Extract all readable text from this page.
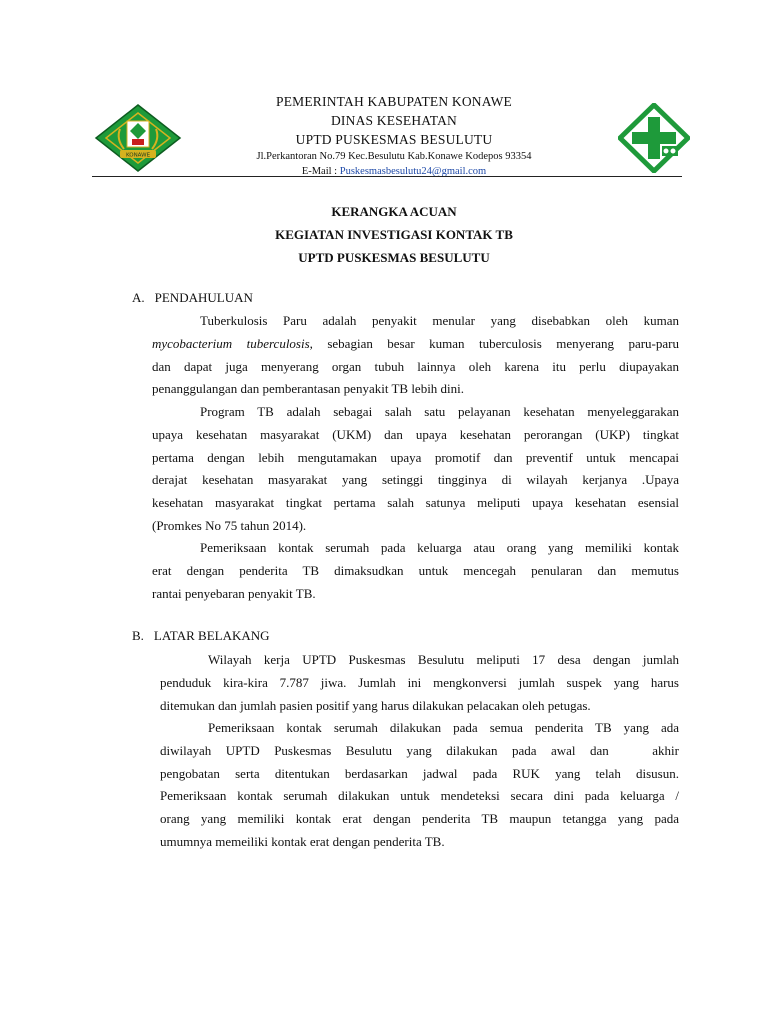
KONAWE
PEMERINTAH KABUPATEN KONAWE
DINAS KESEHATAN
UPTD PUSKESMAS BESULUTU
Jl.Perkantoran No.79 Kec.Besulutu Kab.Konawe Kodepos 93354
E-Mail : Puskesmasbesulutu24@gmail.com
KERANGKA ACUAN
KEGIATAN INVESTIGASI KONTAK TB
UPTD PUSKESMAS BESULUTU
A. PENDAHULUAN
Tuberkulosis Paru adalah penyakit menular yang disebabkan oleh kuman
mycobacterium tuberculosis, sebagian besar kuman tuberculosis menyerang paru-paru
dan dapat juga menyerang organ tubuh lainnya oleh karena itu perlu diupayakan
penanggulangan dan pemberantasan penyakit TB lebih dini.
Program TB adalah sebagai salah satu pelayanan kesehatan menyeleggarakan
upaya kesehatan masyarakat (UKM) dan upaya kesehatan perorangan (UKP) tingkat
pertama dengan lebih mengutamakan upaya promotif dan preventif untuk mencapai
derajat kesehatan masyarakat yang setinggi tingginya di wilayah kerjanya .Upaya
kesehatan masyarakat tingkat pertama salah satunya meliputi upaya kesehatan esensial
(Promkes No 75 tahun 2014).
Pemeriksaan kontak serumah pada keluarga atau orang yang memiliki kontak
erat dengan penderita TB dimaksudkan untuk mencegah penularan dan memutus
rantai penyebaran penyakit TB.
B. LATAR BELAKANG
Wilayah kerja UPTD Puskesmas Besulutu meliputi 17 desa dengan jumlah
penduduk kira-kira 7.787 jiwa. Jumlah ini mengkonversi jumlah suspek yang harus
ditemukan dan jumlah pasien positif yang harus dilakukan pelacakan oleh petugas.
Pemeriksaan kontak serumah dilakukan pada semua penderita TB yang ada
diwilayah UPTD Puskesmas Besulutu yang dilakukan pada awal dan   akhir
pengobatan serta ditentukan berdasarkan jadwal pada RUK yang telah disusun.
Pemeriksaan kontak serumah dilakukan untuk mendeteksi secara dini pada keluarga /
orang yang memiliki kontak erat dengan penderita TB maupun tetangga yang pada
umumnya memeiliki kontak erat dengan penderita TB.
